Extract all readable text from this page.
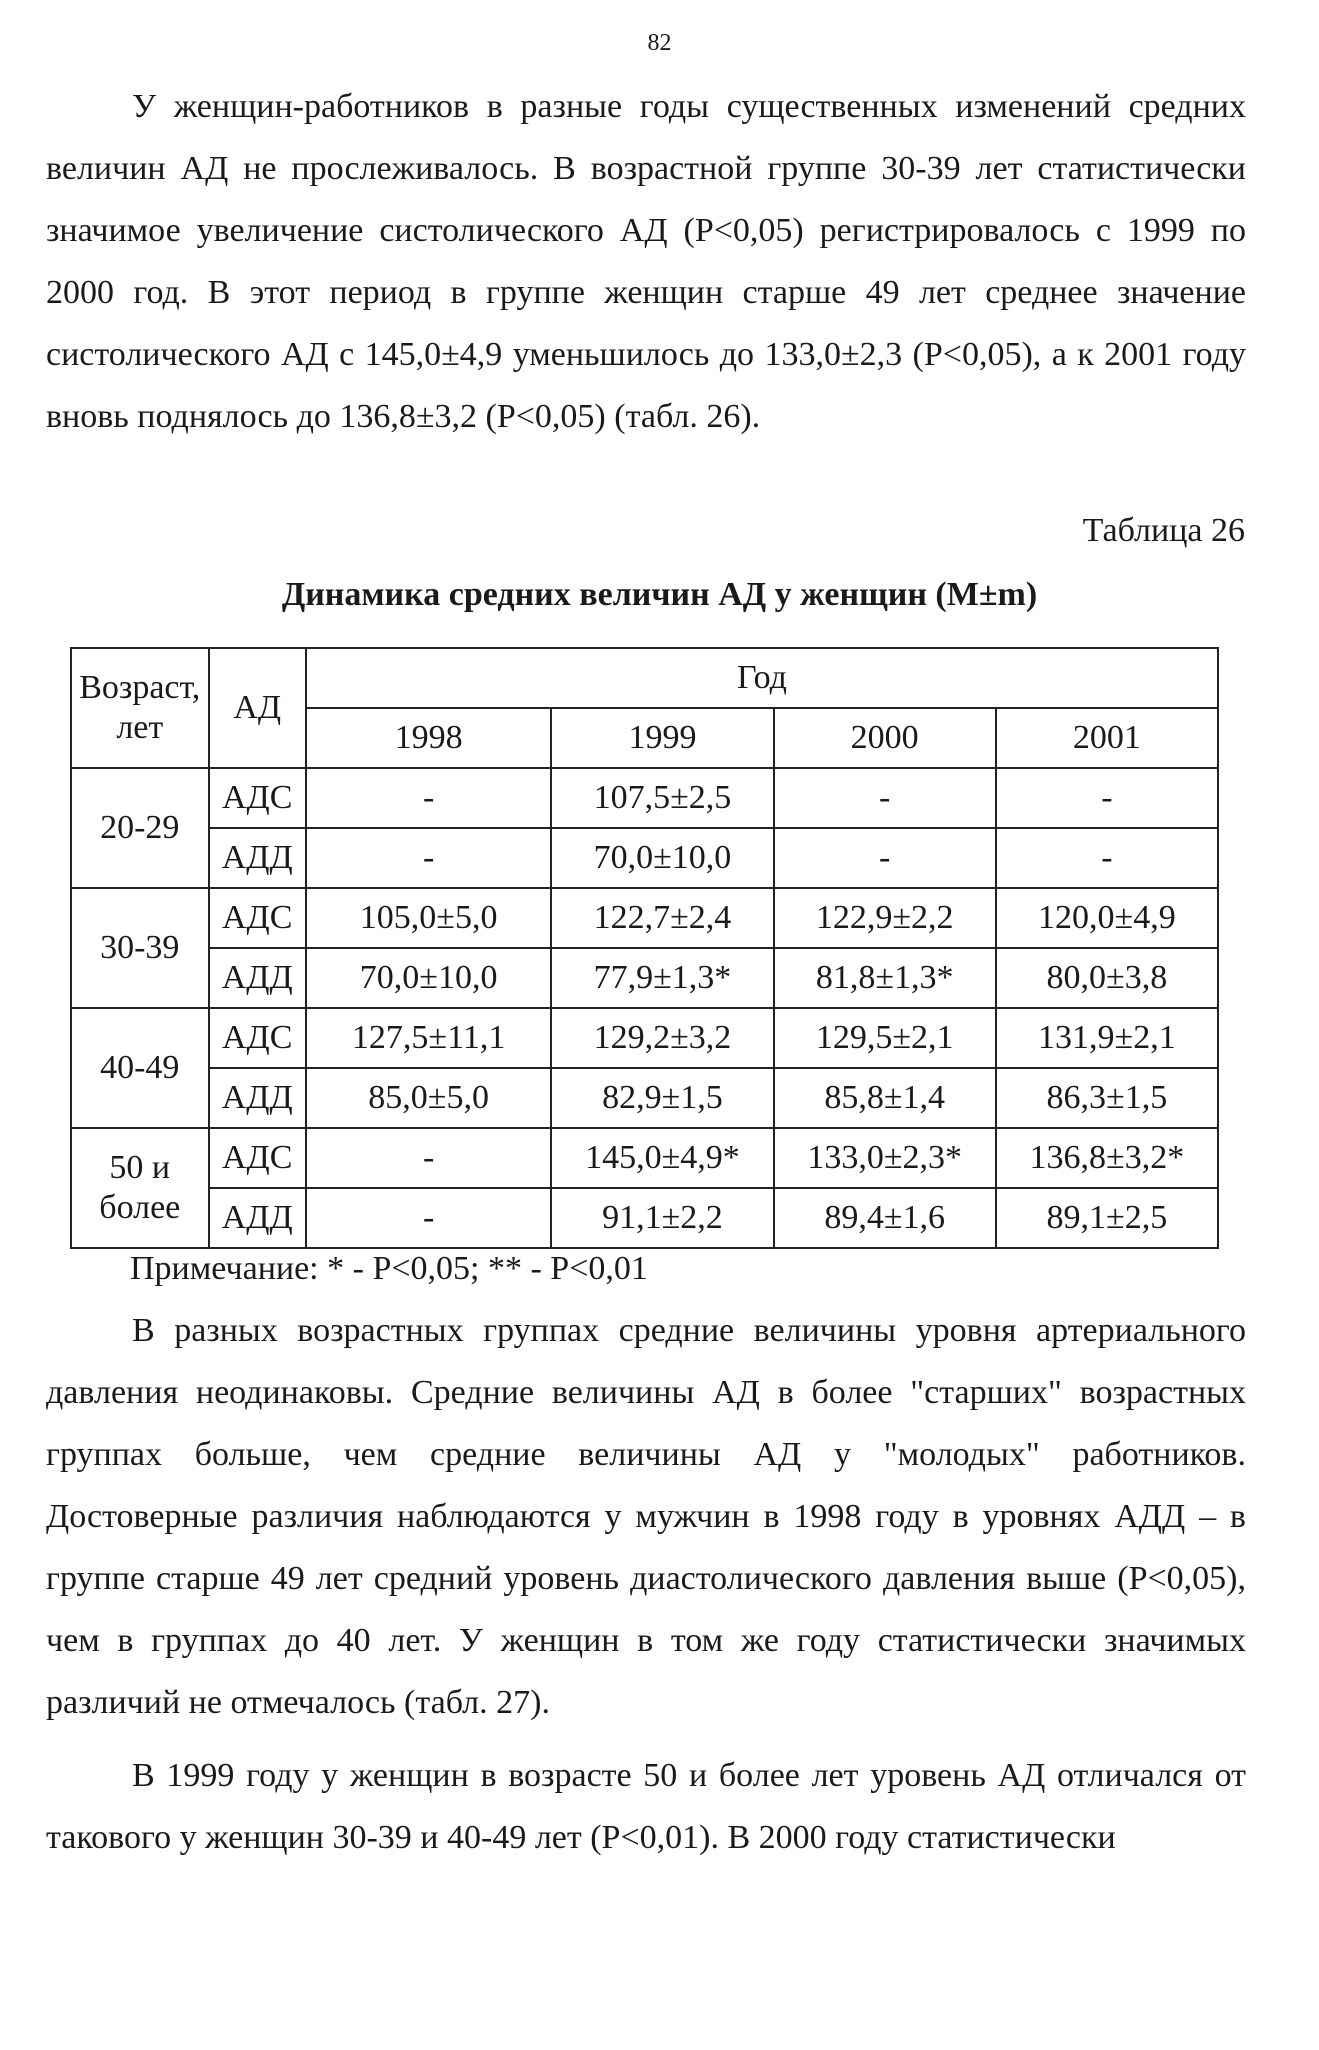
82

У женщин-работников в разные годы существенных изменений средних величин АД не прослеживалось. В возрастной группе 30-39 лет статистически значимое увеличение систолического АД (Р<0,05) регистрировалось с 1999 по 2000 год. В этот период в группе женщин старше 49 лет среднее значение систолического АД с 145,0±4,9 уменьшилось до 133,0±2,3 (Р<0,05), а к 2001 году вновь поднялось до 136,8±3,2 (Р<0,05) (табл. 26).

Таблица 26
Динамика средних величин АД у женщин (M±m)
Возраст, лет	АД	Год			
		1998	1999	2000	2001
20-29	АДС	-	107,5±2,5	-	-
	АДД	-	70,0±10,0	-	-
30-39	АДС	105,0±5,0	122,7±2,4	122,9±2,2	120,0±4,9
	АДД	70,0±10,0	77,9±1,3*	81,8±1,3*	80,0±3,8
40-49	АДС	127,5±11,1	129,2±3,2	129,5±2,1	131,9±2,1
	АДД	85,0±5,0	82,9±1,5	85,8±1,4	86,3±1,5
50 и более	АДС	-	145,0±4,9*	133,0±2,3*	136,8±3,2*
	АДД	-	91,1±2,2	89,4±1,6	89,1±2,5
Примечание: * - Р<0,05; ** - Р<0,01

В разных возрастных группах средние величины уровня артериального давления неодинаковы. Средние величины АД в более "старших" возрастных группах больше, чем средние величины АД у "молодых" работников. Достоверные различия наблюдаются у мужчин в 1998 году в уровнях АДД – в группе старше 49 лет средний уровень диастолического давления выше (Р<0,05), чем в группах до 40 лет. У женщин в том же году статистически значимых различий не отмечалось (табл. 27).

В 1999 году у женщин в возрасте 50 и более лет уровень АД отличался от такового у женщин 30-39 и 40-49 лет (Р<0,01). В 2000 году статистически
